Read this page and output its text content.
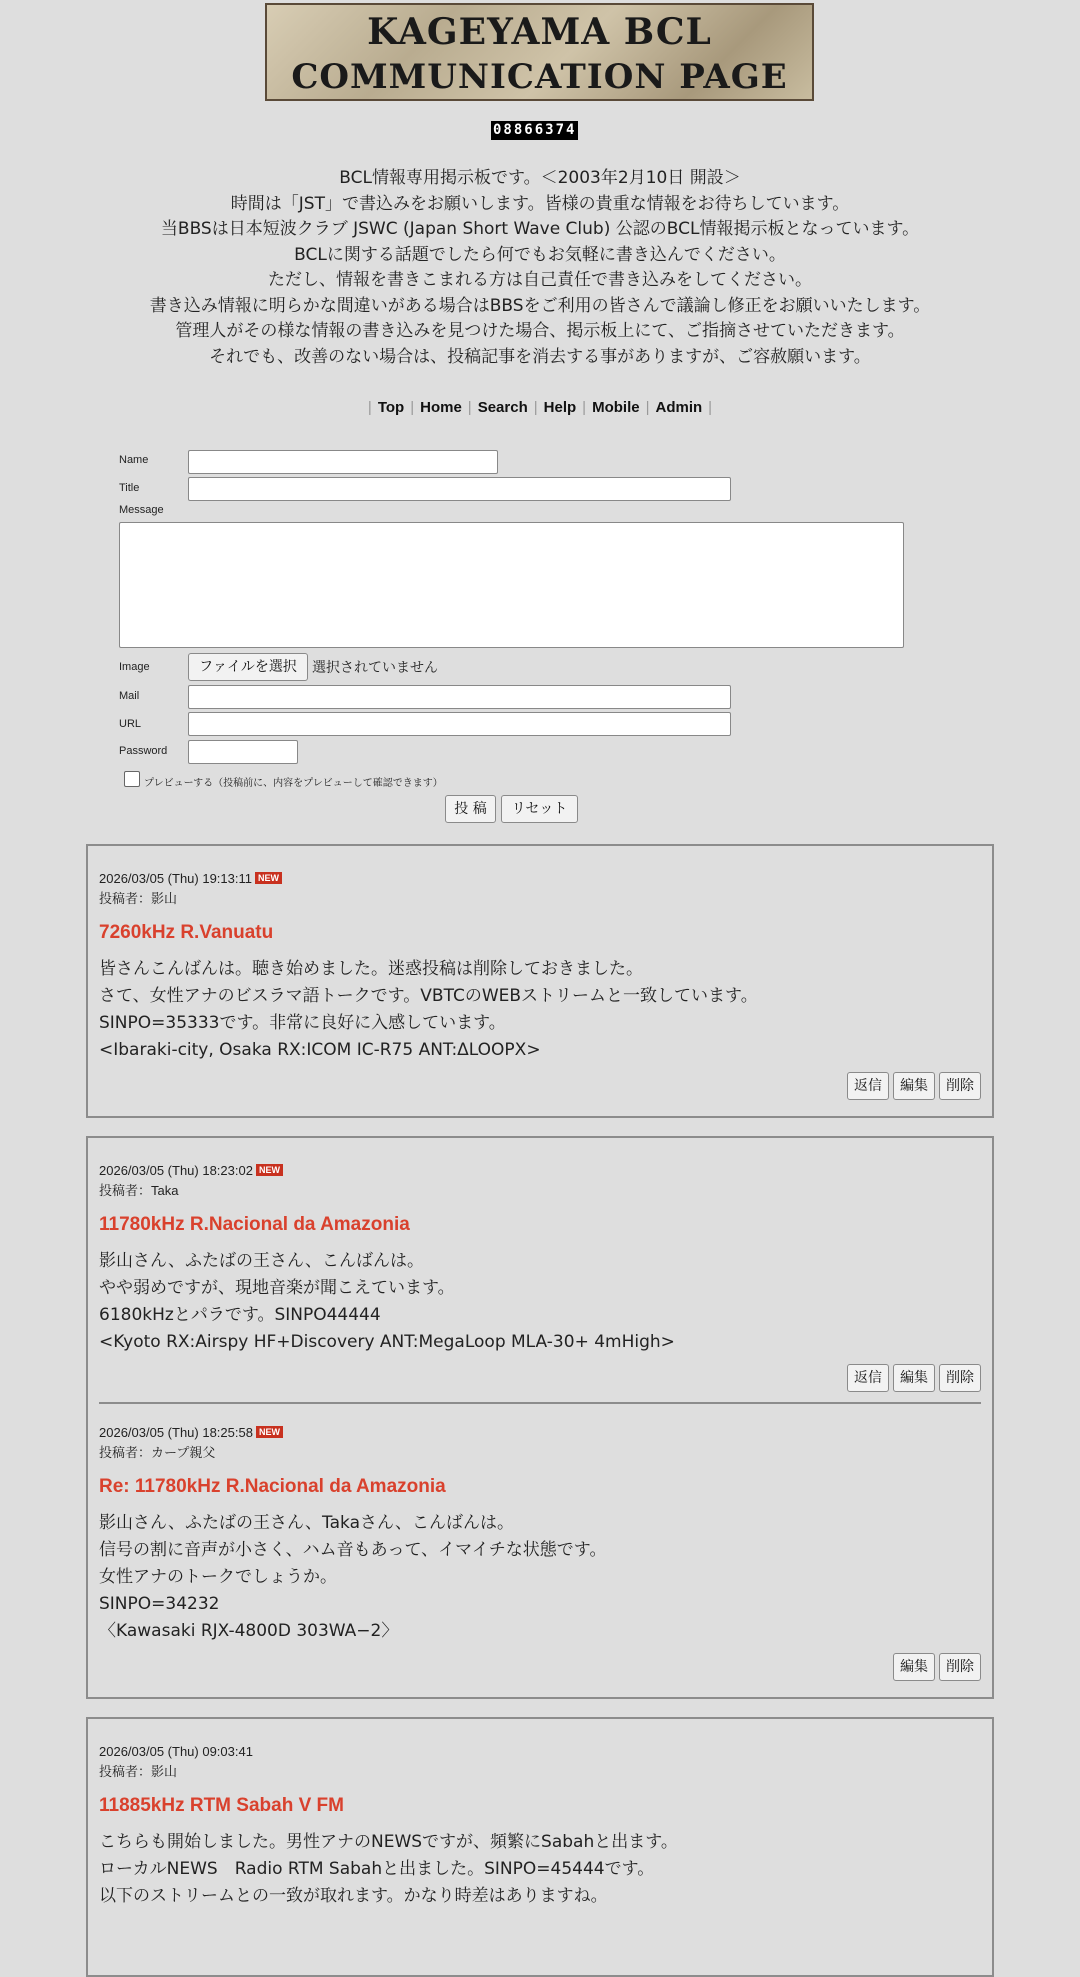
KAGEYAMA BCL
COMMUNICATION PAGE
08866374
BCL情報専用掲示板です。＜2003年2月10日 開設＞
時間は「JST」で書込みをお願いします。皆様の貴重な情報をお待ちしています。
当BBSは日本短波クラブ JSWC (Japan Short Wave Club) 公認のBCL情報掲示板となっています。
BCLに関する話題でしたら何でもお気軽に書き込んでください。
ただし、情報を書きこまれる方は自己責任で書き込みをしてください。
書き込み情報に明らかな間違いがある場合はBBSをご利用の皆さんで議論し修正をお願いいたします。
管理人がその様な情報の書き込みを見つけた場合、掲示板上にて、ご指摘させていただきます。
それでも、改善のない場合は、投稿記事を消去する事がありますが、ご容赦願います。
| Top | Home | Search | Help | Mobile | Admin |
Name
Title
Message
Image	ファイルを選択	選択されていません
Mail
URL
Password
プレビューする（投稿前に、内容をプレビューして確認できます）
投 稿	リセット
2026/03/05 (Thu) 19:13:11 NEW
投稿者：影山
7260kHz R.Vanuatu
皆さんこんばんは。聴き始めました。迷惑投稿は削除しておきました。
さて、女性アナのビスラマ語トークです。VBTCのWEBストリームと一致しています。
SINPO=35333です。非常に良好に入感しています。
<Ibaraki-city, Osaka RX:ICOM IC-R75 ANT:ΔLOOPX>
返信 編集 削除
2026/03/05 (Thu) 18:23:02 NEW
投稿者：Taka
11780kHz R.Nacional da Amazonia
影山さん、ふたばの王さん、こんばんは。
やや弱めですが、現地音楽が聞こえています。
6180kHzとパラです。SINPO44444
<Kyoto RX:Airspy HF+Discovery ANT:MegaLoop MLA-30+ 4mHigh>
返信 編集 削除
2026/03/05 (Thu) 18:25:58 NEW
投稿者：カープ親父
Re: 11780kHz R.Nacional da Amazonia
影山さん、ふたばの王さん、Takaさん、こんばんは。
信号の割に音声が小さく、ハム音もあって、イマイチな状態です。
女性アナのトークでしょうか。
SINPO=34232
〈Kawasaki RJX-4800D 303WA−2〉
編集 削除
2026/03/05 (Thu) 09:03:41
投稿者：影山
11885kHz RTM Sabah V FM
こちらも開始しました。男性アナのNEWSですが、頻繁にSabahと出ます。
ローカルNEWS　Radio RTM Sabahと出ました。SINPO=45444です。
以下のストリームとの一致が取れます。かなり時差はありますね。
